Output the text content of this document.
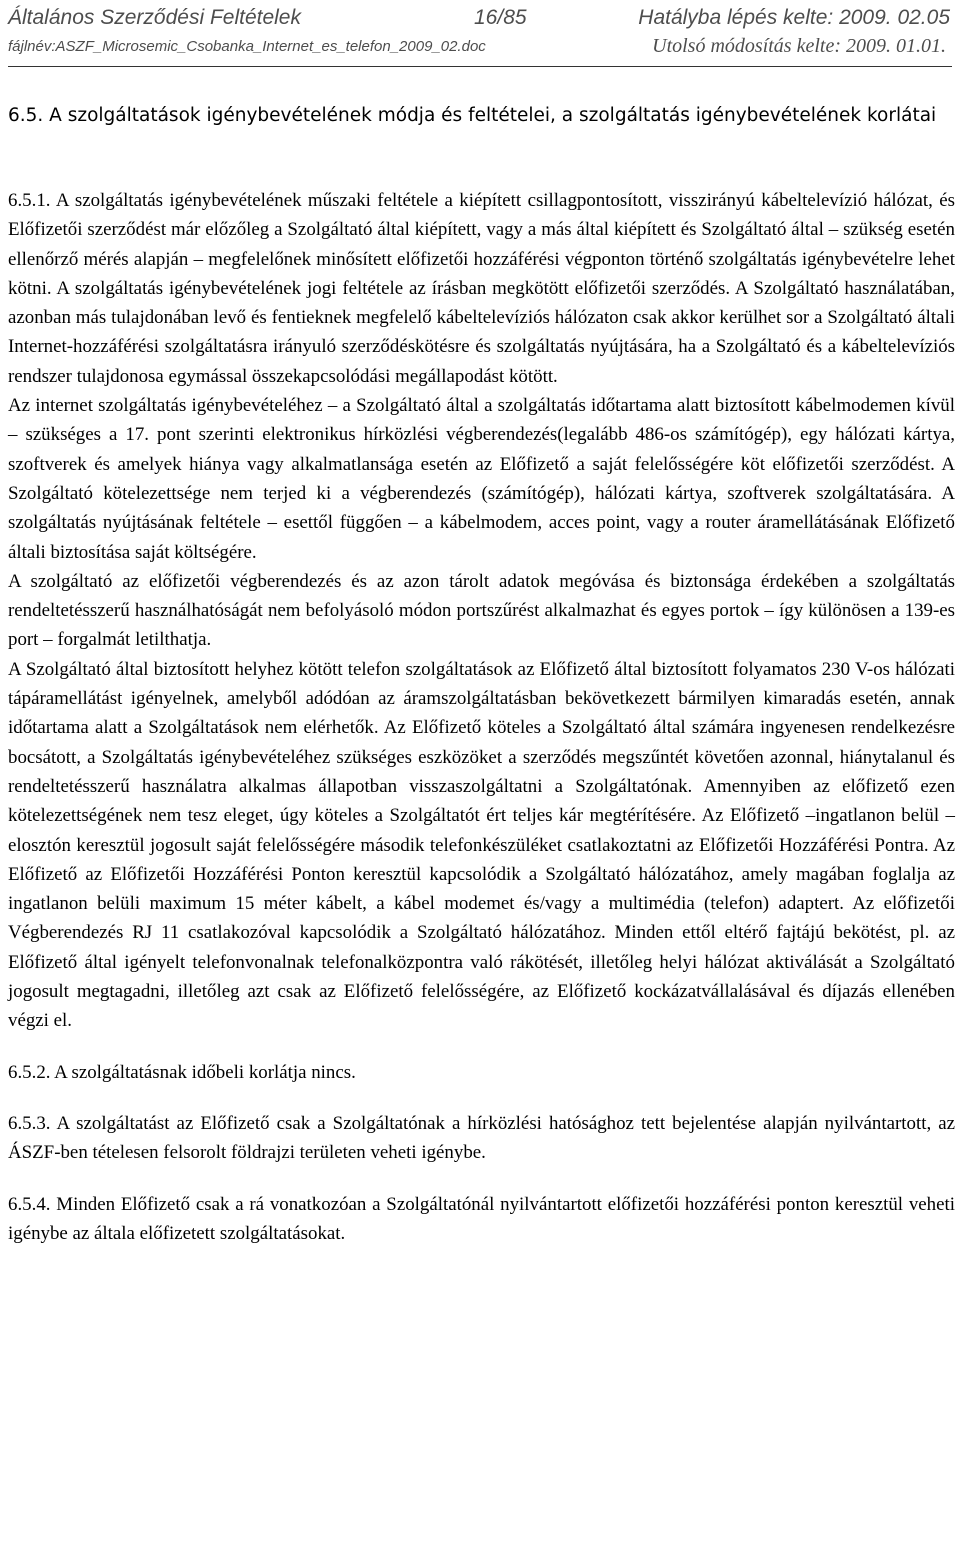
Általános Szerződési Feltételek	16/85	Hatályba lépés kelte: 2009. 02.05
fájlnév:ASZF_Microsemic_Csobanka_Internet_es_telefon_2009_02.doc	Utolsó módosítás kelte: 2009. 01.01.
6.5. A szolgáltatások igénybevételének módja és feltételei, a szolgáltatás igénybevételének korlátai

6.5.1. A szolgáltatás igénybevételének műszaki feltétele a kiépített csillagpontosított, visszirányú kábeltelevízió hálózat, és Előfizetői szerződést már előzőleg a Szolgáltató által kiépített, vagy a más által kiépített és Szolgáltató által – szükség esetén ellenőrző mérés alapján – megfelelőnek minősített előfizetői hozzáférési végponton történő szolgáltatás igénybevételre lehet kötni. A szolgáltatás igénybevételének jogi feltétele az írásban megkötött előfizetői szerződés. A Szolgáltató használatában, azonban más tulajdonában levő és fentieknek megfelelő kábeltelevíziós hálózaton csak akkor kerülhet sor a Szolgáltató általi Internet-hozzáférési szolgáltatásra irányuló szerződéskötésre és szolgáltatás nyújtására, ha a Szolgáltató és a kábeltelevíziós rendszer tulajdonosa egymással összekapcsolódási megállapodást kötött.

Az internet szolgáltatás igénybevételéhez – a Szolgáltató által a szolgáltatás időtartama alatt biztosított kábelmodemen kívül – szükséges a 17. pont szerinti elektronikus hírközlési végberendezés(legalább 486-os számítógép), egy hálózati kártya, szoftverek és amelyek hiánya vagy alkalmatlansága esetén az Előfizető a saját felelősségére köt előfizetői szerződést. A Szolgáltató kötelezettsége nem terjed ki a végberendezés (számítógép), hálózati kártya, szoftverek szolgáltatására. A szolgáltatás nyújtásának feltétele – esettől függően – a kábelmodem, acces point, vagy a router áramellátásának Előfizető általi biztosítása saját költségére.

A szolgáltató az előfizetői végberendezés és az azon tárolt adatok megóvása és biztonsága érdekében a szolgáltatás rendeltetésszerű használhatóságát nem befolyásoló módon portszűrést alkalmazhat és egyes portok – így különösen a 139-es port – forgalmát letilthatja.

A Szolgáltató által biztosított helyhez kötött telefon szolgáltatások az Előfizető által biztosított folyamatos 230 V-os hálózati tápáramellátást igényelnek, amelyből adódóan az áramszolgáltatásban bekövetkezett bármilyen kimaradás esetén, annak időtartama alatt a Szolgáltatások nem elérhetők. Az Előfizető köteles a Szolgáltató által számára ingyenesen rendelkezésre bocsátott, a Szolgáltatás igénybevételéhez szükséges eszközöket a szerződés megszűntét követően azonnal, hiánytalanul és rendeltetésszerű használatra alkalmas állapotban visszaszolgáltatni a Szolgáltatónak. Amennyiben az előfizető ezen kötelezettségének nem tesz eleget, úgy köteles a Szolgáltatót ért teljes kár megtérítésére. Az Előfizető –ingatlanon belül – elosztón keresztül jogosult saját felelősségére második telefonkészüléket csatlakoztatni az Előfizetői Hozzáférési Pontra. Az Előfizető az Előfizetői Hozzáférési Ponton keresztül kapcsolódik a Szolgáltató hálózatához, amely magában foglalja az ingatlanon belüli maximum 15 méter kábelt, a kábel modemet és/vagy a multimédia (telefon) adaptert. Az előfizetői Végberendezés RJ 11 csatlakozóval kapcsolódik a Szolgáltató hálózatához. Minden ettől eltérő fajtájú bekötést, pl. az Előfizető által igényelt telefonvonalnak telefonalközpontra való rákötését, illetőleg helyi hálózat aktiválását a Szolgáltató jogosult megtagadni, illetőleg azt csak az Előfizető felelősségére, az Előfizető kockázatvállalásával és díjazás ellenében végzi el.

6.5.2. A szolgáltatásnak időbeli korlátja nincs.

6.5.3. A szolgáltatást az Előfizető csak a Szolgáltatónak a hírközlési hatósághoz tett bejelentése alapján nyilvántartott, az ÁSZF-ben tételesen felsorolt földrajzi területen veheti igénybe.

6.5.4. Minden Előfizető csak a rá vonatkozóan a Szolgáltatónál nyilvántartott előfizetői hozzáférési ponton keresztül veheti igénybe az általa előfizetett szolgáltatásokat.
